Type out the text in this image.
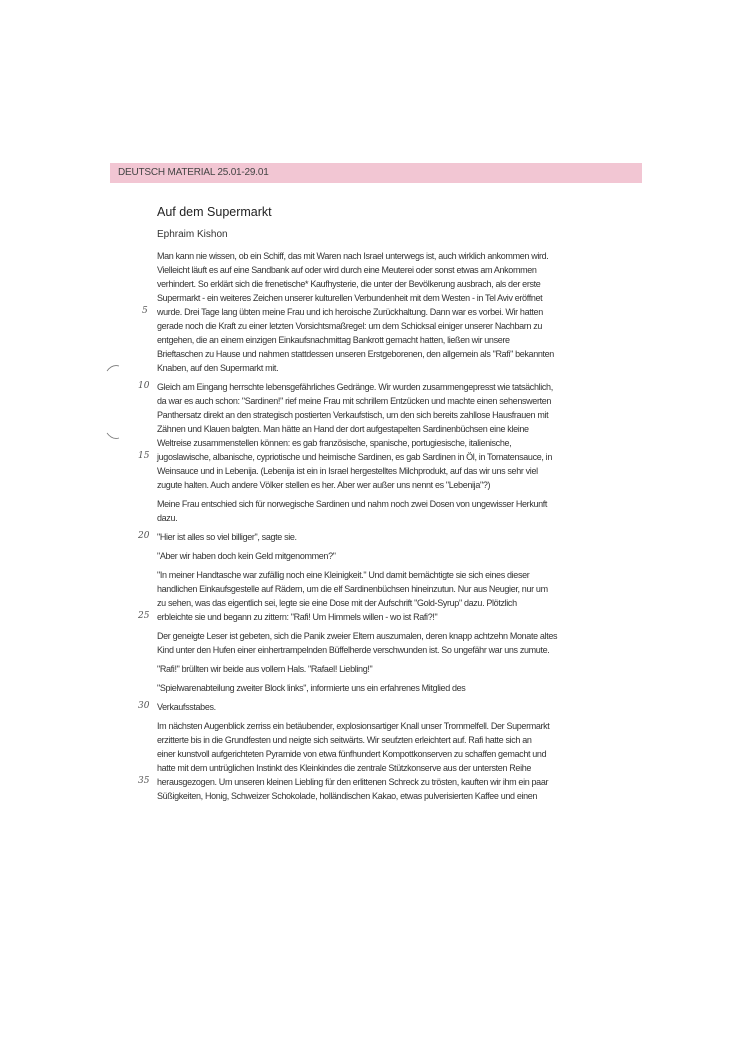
DEUTSCH MATERIAL 25.01-29.01
Auf dem Supermarkt
Ephraim Kishon
Man kann nie wissen, ob ein Schiff, das mit Waren nach Israel unterwegs ist, auch wirklich ankommen wird.
Vielleicht läuft es auf eine Sandbank auf oder wird durch eine Meuterei oder sonst etwas am Ankommen
verhindert. So erklärt sich die frenetische* Kaufhysterie, die unter der Bevölkerung ausbrach, als der erste
Supermarkt - ein weiteres Zeichen unserer kulturellen Verbundenheit mit dem Westen - in Tel Aviv eröffnet
wurde. Drei Tage lang übten meine Frau und ich heroische Zurückhaltung. Dann war es vorbei. Wir hatten
gerade noch die Kraft zu einer letzten Vorsichtsmaßregel: um dem Schicksal einiger unserer Nachbarn zu
entgehen, die an einem einzigen Einkaufsnachmittag Bankrott gemacht hatten, ließen wir unsere
Brieftaschen zu Hause und nahmen stattdessen unseren Erstgeborenen, den allgemein als "Rafi" bekannten
Knaben, auf den Supermarkt mit.
Gleich am Eingang herrschte lebensgefährliches Gedränge. Wir wurden zusammengepresst wie tatsächlich,
da war es auch schon: "Sardinen!" rief meine Frau mit schrillem Entzücken und machte einen sehenswerten
Panthersatz direkt an den strategisch postierten Verkaufstisch, um den sich bereits zahllose Hausfrauen mit
Zähnen und Klauen balgten. Man hätte an Hand der dort aufgestapelten Sardinenbüchsen eine kleine
Weltreise zusammenstellen können: es gab französische, spanische, portugiesische, italienische,
jugoslawische, albanische, cypriotische und heimische Sardinen, es gab Sardinen in Öl, in Tomatensauce, in
Weinsauce und in Lebenija. (Lebenija ist ein in Israel hergestelltes Milchprodukt, auf das wir uns sehr viel
zugute halten. Auch andere Völker stellen es her. Aber wer außer uns nennt es "Lebenija"?)
Meine Frau entschied sich für norwegische Sardinen und nahm noch zwei Dosen von ungewisser Herkunft
dazu.
"Hier ist alles so viel billiger", sagte sie.
"Aber wir haben doch kein Geld mitgenommen?"
"In meiner Handtasche war zufällig noch eine Kleinigkeit." Und damit bemächtigte sie sich eines dieser
handlichen Einkaufsgestelle auf Rädern, um die elf Sardinenbüchsen hineinzutun. Nur aus Neugier, nur um
zu sehen, was das eigentlich sei, legte sie eine Dose mit der Aufschrift "Gold-Syrup" dazu. Plötzlich
erbleichte sie und begann zu zittern: "Rafi! Um Himmels willen - wo ist Rafi?!"
Der geneigte Leser ist gebeten, sich die Panik zweier Eltern auszumalen, deren knapp achtzehn Monate altes
Kind unter den Hufen einer einhertrampelnden Büffelherde verschwunden ist. So ungefähr war uns zumute.
"Rafi!" brüllten wir beide aus vollem Hals. "Rafael! Liebling!"
"Spielwarenabteilung zweiter Block links", informierte uns ein erfahrenes Mitglied des
Verkaufsstabes.
Im nächsten Augenblick zerriss ein betäubender, explosionsartiger Knall unser Trommelfell. Der Supermarkt
erzitterte bis in die Grundfesten und neigte sich seitwärts. Wir seufzten erleichtert auf. Rafi hatte sich an
einer kunstvoll aufgerichteten Pyramide von etwa fünfhundert Kompottkonserven zu schaffen gemacht und
hatte mit dem untrüglichen Instinkt des Kleinkindes die zentrale Stützkonserve aus der untersten Reihe
herausgezogen. Um unseren kleinen Liebling für den erlittenen Schreck zu trösten, kauften wir ihm ein paar
Süßigkeiten, Honig, Schweizer Schokolade, holländischen Kakao, etwas pulverisierten Kaffee und einen
5
10
15
20
25
30
35
